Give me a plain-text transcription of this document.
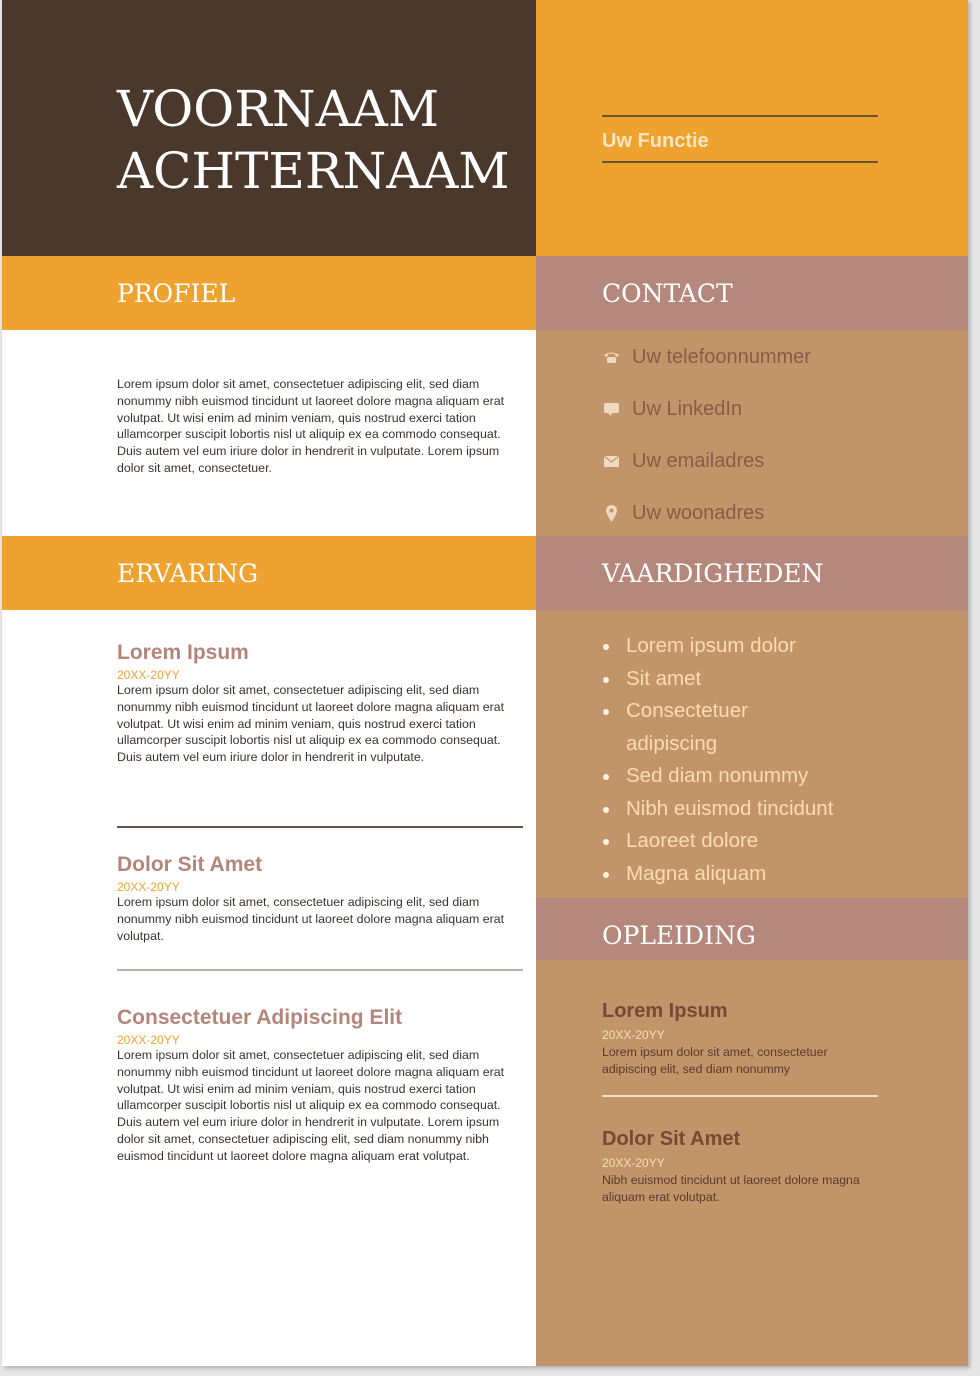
VOORNAAM
ACHTERNAAM

Uw Functie

PROFIEL

Lorem ipsum dolor sit amet, consectetuer adipiscing elit, sed diam nonummy nibh euismod tincidunt ut laoreet dolore magna aliquam erat volutpat. Ut wisi enim ad minim veniam, quis nostrud exerci tation ullamcorper suscipit lobortis nisl ut aliquip ex ea commodo consequat. Duis autem vel eum iriure dolor in hendrerit in vulputate. Lorem ipsum dolor sit amet, consectetuer.

CONTACT
Uw telefoonnummer
Uw LinkedIn
Uw emailadres
Uw woonadres
ERVARING

Lorem Ipsum

20XX-20YY

Lorem ipsum dolor sit amet, consectetuer adipiscing elit, sed diam nonummy nibh euismod tincidunt ut laoreet dolore magna aliquam erat volutpat. Ut wisi enim ad minim veniam, quis nostrud exerci tation ullamcorper suscipit lobortis nisl ut aliquip ex ea commodo consequat. Duis autem vel eum iriure dolor in hendrerit in vulputate.

Dolor Sit Amet

20XX-20YY

Lorem ipsum dolor sit amet, consectetuer adipiscing elit, sed diam nonummy nibh euismod tincidunt ut laoreet dolore magna aliquam erat volutpat.

Consectetuer Adipiscing Elit

20XX-20YY

Lorem ipsum dolor sit amet, consectetuer adipiscing elit, sed diam nonummy nibh euismod tincidunt ut laoreet dolore magna aliquam erat volutpat. Ut wisi enim ad minim veniam, quis nostrud exerci tation ullamcorper suscipit lobortis nisl ut aliquip ex ea commodo consequat. Duis autem vel eum iriure dolor in hendrerit in vulputate. Lorem ipsum dolor sit amet, consectetuer adipiscing elit, sed diam nonummy nibh euismod tincidunt ut laoreet dolore magna aliquam erat volutpat.

VAARDIGHEDEN
Lorem ipsum dolor
Sit amet
Consectetuer adipiscing
Sed diam nonummy
Nibh euismod tincidunt
Laoreet dolore
Magna aliquam
OPLEIDING

Lorem Ipsum

20XX-20YY

Lorem ipsum dolor sit amet, consectetuer adipiscing elit, sed diam nonummy

Dolor Sit Amet

20XX-20YY

Nibh euismod tincidunt ut laoreet dolore magna aliquam erat volutpat.
